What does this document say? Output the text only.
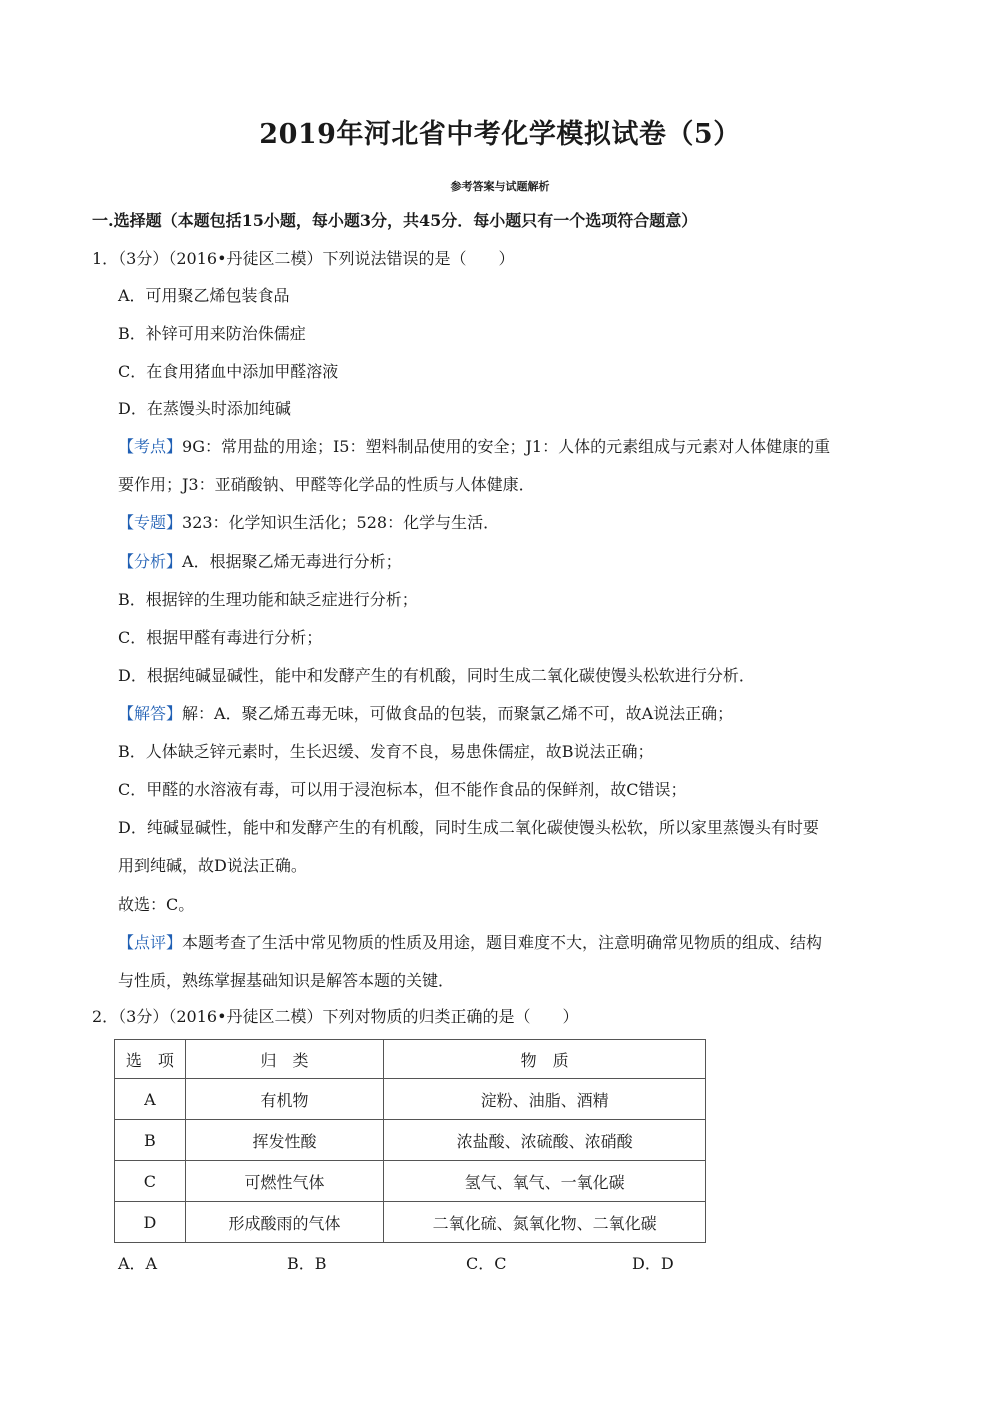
2019年河北省中考化学模拟试卷（5）
参考答案与试题解析
一.选择题（本题包括15小题，每小题3分，共45分．每小题只有一个选项符合题意）
1．（3分）（2016•丹徒区二模）下列说法错误的是（　　）
A．可用聚乙烯包装食品
B．补锌可用来防治侏儒症
C．在食用猪血中添加甲醛溶液
D．在蒸馒头时添加纯碱
【考点】9G：常用盐的用途；I5：塑料制品使用的安全；J1：人体的元素组成与元素对人体健康的重
要作用；J3：亚硝酸钠、甲醛等化学品的性质与人体健康．
【专题】323：化学知识生活化；528：化学与生活．
【分析】A．根据聚乙烯无毒进行分析；
B．根据锌的生理功能和缺乏症进行分析；
C．根据甲醛有毒进行分析；
D．根据纯碱显碱性，能中和发酵产生的有机酸，同时生成二氧化碳使馒头松软进行分析．
【解答】解：A．聚乙烯五毒无味，可做食品的包装，而聚氯乙烯不可，故A说法正确；
B．人体缺乏锌元素时，生长迟缓、发育不良，易患侏儒症，故B说法正确；
C．甲醛的水溶液有毒，可以用于浸泡标本，但不能作食品的保鲜剂，故C错误；
D．纯碱显碱性，能中和发酵产生的有机酸，同时生成二氧化碳使馒头松软，所以家里蒸馒头有时要
用到纯碱，故D说法正确。
故选：C。
【点评】本题考查了生活中常见物质的性质及用途，题目难度不大，注意明确常见物质的组成、结构
与性质，熟练掌握基础知识是解答本题的关键．
2．（3分）（2016•丹徒区二模）下列对物质的归类正确的是（　　）
选　项	归　类	物　质
A	有机物	淀粉、油脂、酒精
B	挥发性酸	浓盐酸、浓硫酸、浓硝酸
C	可燃性气体	氢气、氧气、一氧化碳
D	形成酸雨的气体	二氧化硫、氮氧化物、二氧化碳
A．A	B．B	C．C	D．D
